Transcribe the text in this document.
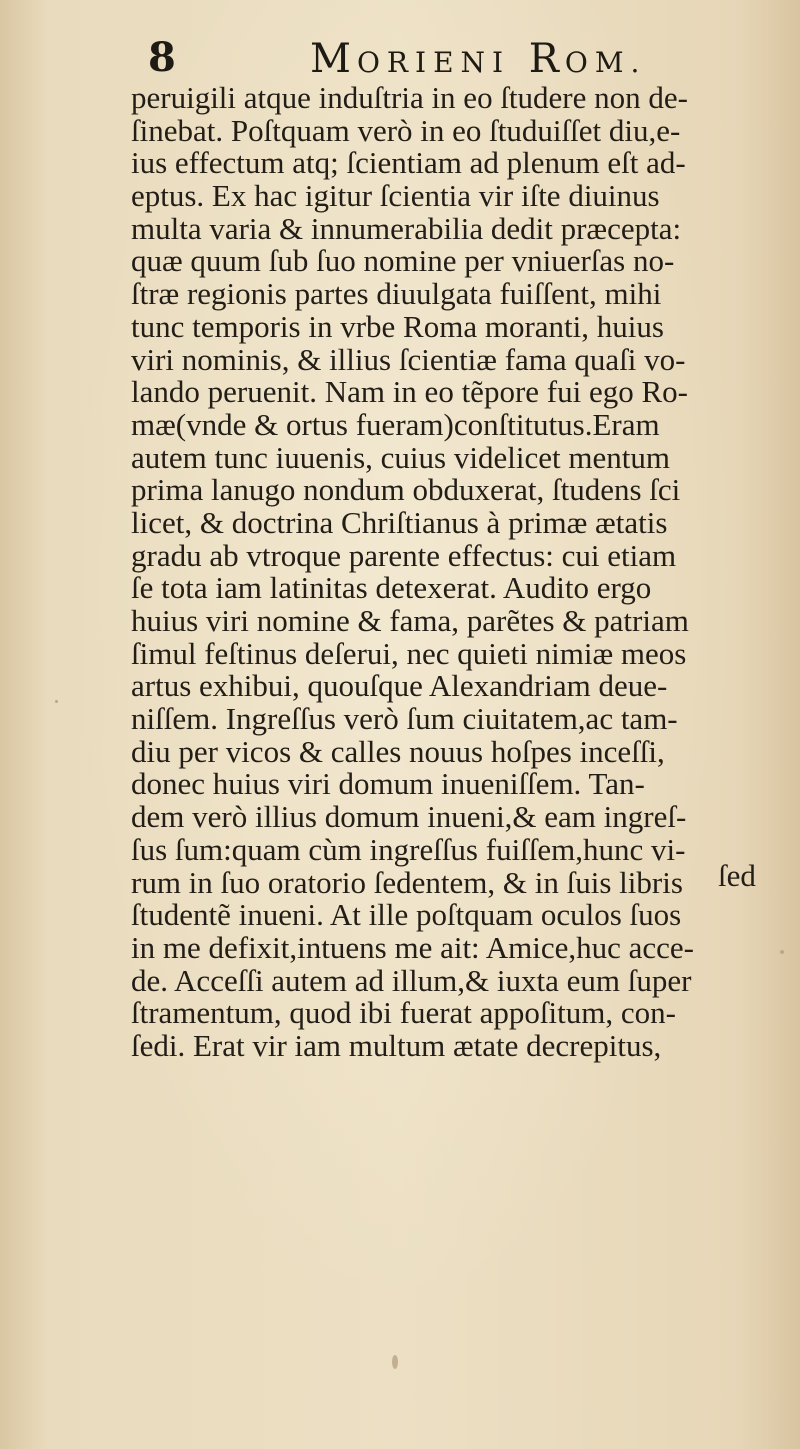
8	MORIENI ROM.
peruigili atque induſtria in eo ſtudere non de-
ſinebat. Poſtquam verò in eo ſtuduiſſet diu,e-
ius effectum atq; ſcientiam ad plenum eſt ad-
eptus. Ex hac igitur ſcientia vir iſte diuinus
multa varia & innumerabilia dedit præcepta:
quæ quum ſub ſuo nomine per vniuerſas no-
ſtræ regionis partes diuulgata fuiſſent, mihi
tunc temporis in vrbe Roma moranti, huius
viri nominis, & illius ſcientiæ fama quaſi vo-
lando peruenit. Nam in eo tẽpore fui ego Ro-
mæ(vnde & ortus fueram)conſtitutus.Eram
autem tunc iuuenis, cuius videlicet mentum
prima lanugo nondum obduxerat, ſtudens ſci
licet, & doctrina Chriſtianus à primæ ætatis
gradu ab vtroque parente effectus: cui etiam
ſe tota iam latinitas detexerat. Audito ergo
huius viri nomine & fama, parẽtes & patriam
ſimul feſtinus deſerui, nec quieti nimiæ meos
artus exhibui, quouſque Alexandriam deue-
niſſem. Ingreſſus verò ſum ciuitatem,ac tam-
diu per vicos & calles nouus hoſpes inceſſi,
donec huius viri domum inueniſſem. Tan-
dem verò illius domum inueni,& eam ingreſ-
ſus ſum:quam cùm ingreſſus fuiſſem,hunc vi-
rum in ſuo oratorio ſedentem, & in ſuis libris
ſtudentẽ inueni. At ille poſtquam oculos ſuos
in me defixit,intuens me ait: Amice,huc acce-
de. Acceſſi autem ad illum,& iuxta eum ſuper
ſtramentum, quod ibi fuerat appoſitum, con-
ſedi. Erat vir iam multum ætate decrepitus,
ſed
